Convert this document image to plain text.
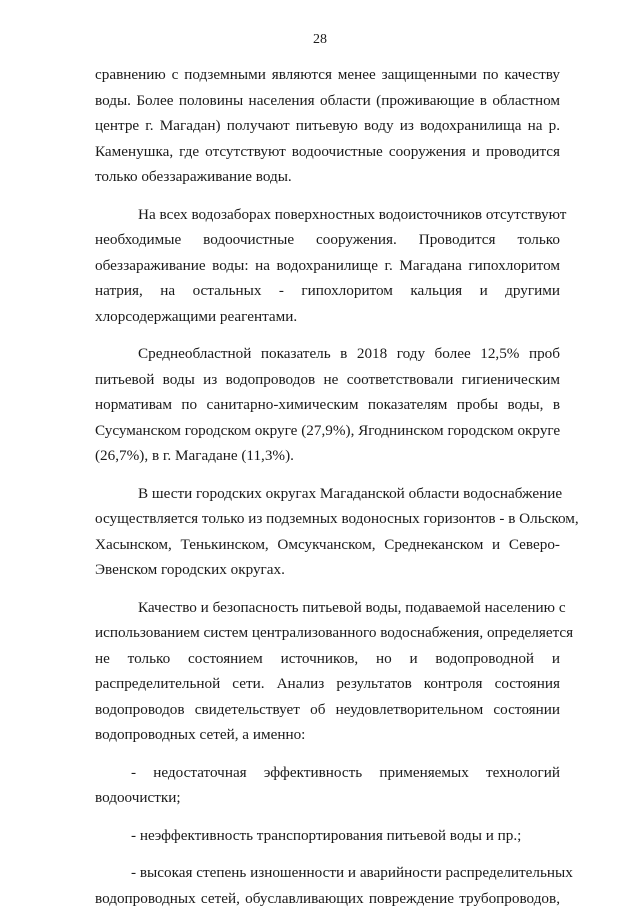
28

сравнению с подземными являются менее защищенными по качеству
воды. Более половины населения области (проживающие в областном
центре г. Магадан) получают питьевую воду из водохранилища на р.
Каменушка, где отсутствуют водоочистные сооружения и проводится
только обеззараживание воды.

На всех водозаборах поверхностных водоисточников отсутствуют
необходимые водоочистные сооружения. Проводится только
обеззараживание воды: на водохранилище г. Магадана гипохлоритом
натрия, на остальных - гипохлоритом кальция и другими
хлорсодержащими реагентами.

Среднеобластной показатель в 2018 году более 12,5% проб
питьевой воды из водопроводов не соответствовали гигиеническим
нормативам по санитарно-химическим показателям пробы воды, в
Сусуманском городском округе (27,9%), Ягоднинском городском округе
(26,7%), в г. Магадане (11,3%).

В шести городских округах Магаданской области водоснабжение
осуществляется только из подземных водоносных горизонтов - в Ольском,
Хасынском, Тенькинском, Омсукчанском, Среднеканском и Северо-
Эвенском городских округах.

Качество и безопасность питьевой воды, подаваемой населению с
использованием систем централизованного водоснабжения, определяется
не только состоянием источников, но и водопроводной и
распределительной сети. Анализ результатов контроля состояния
водопроводов свидетельствует об неудовлетворительном состоянии
водопроводных сетей, а именно:

- недостаточная эффективность применяемых технологий
водоочистки;

- неэффективность транспортирования питьевой воды и пр.;

- высокая степень изношенности и аварийности распределительных
водопроводных сетей, обуславливающих повреждение трубопроводов,
